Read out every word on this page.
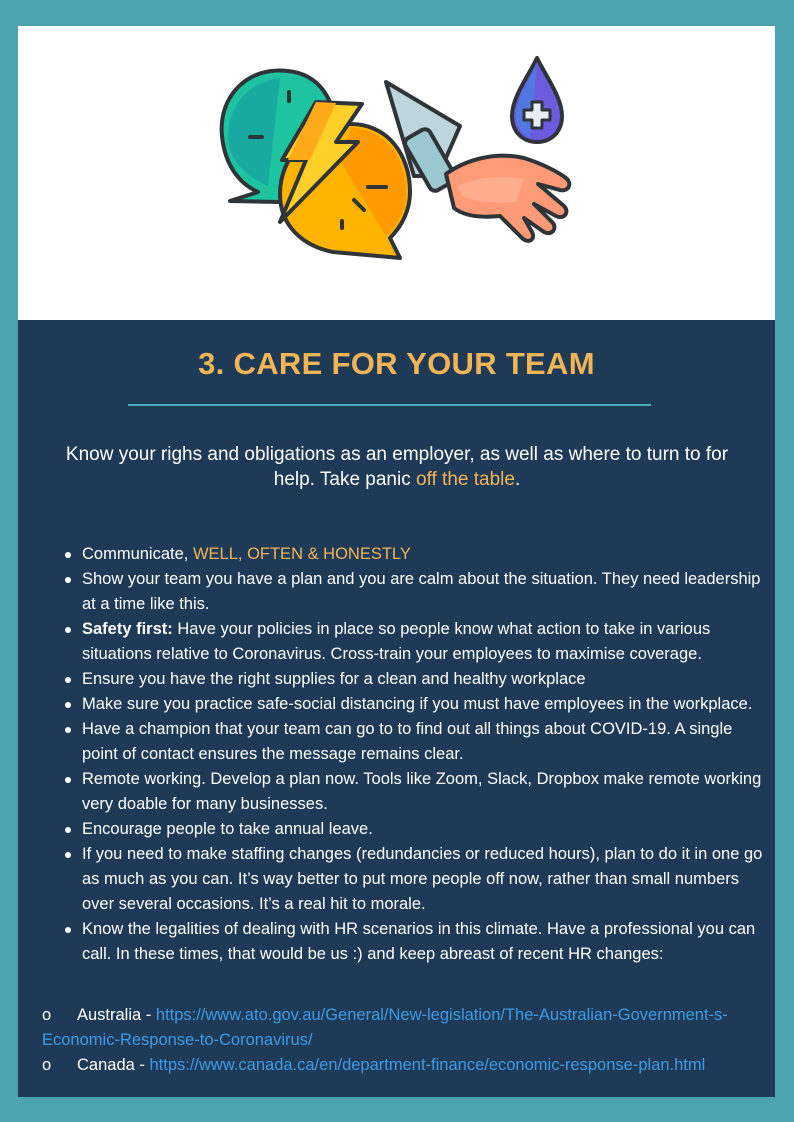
3. CARE FOR YOUR TEAM

Know your righs and obligations as an employer, as well as where to turn to for help. Take panic off the table.

Communicate, WELL, OFTEN & HONESTLY
Show your team you have a plan and you are calm about the situation. They need leadership at a time like this.
Safety first: Have your policies in place so people know what action to take in various situations relative to Coronavirus. Cross-train your employees to maximise coverage.
Ensure you have the right supplies for a clean and healthy workplace
Make sure you practice safe-social distancing if you must have employees in the workplace.
Have a champion that your team can go to to find out all things about COVID-19. A single point of contact ensures the message remains clear.
Remote working. Develop a plan now. Tools like Zoom, Slack, Dropbox make remote working very doable for many businesses.
Encourage people to take annual leave.
If you need to make staffing changes (redundancies or reduced hours), plan to do it in one go as much as you can. It’s way better to put more people off now, rather than small numbers over several occasions. It’s a real hit to morale.
Know the legalities of dealing with HR scenarios in this climate. Have a professional you can call. In these times, that would be us :) and keep abreast of recent HR changes:

o Australia - https://www.ato.gov.au/General/New-legislation/The-Australian-Government-s-Economic-Response-to-Coronavirus/

o Canada - https://www.canada.ca/en/department-finance/economic-response-plan.html
